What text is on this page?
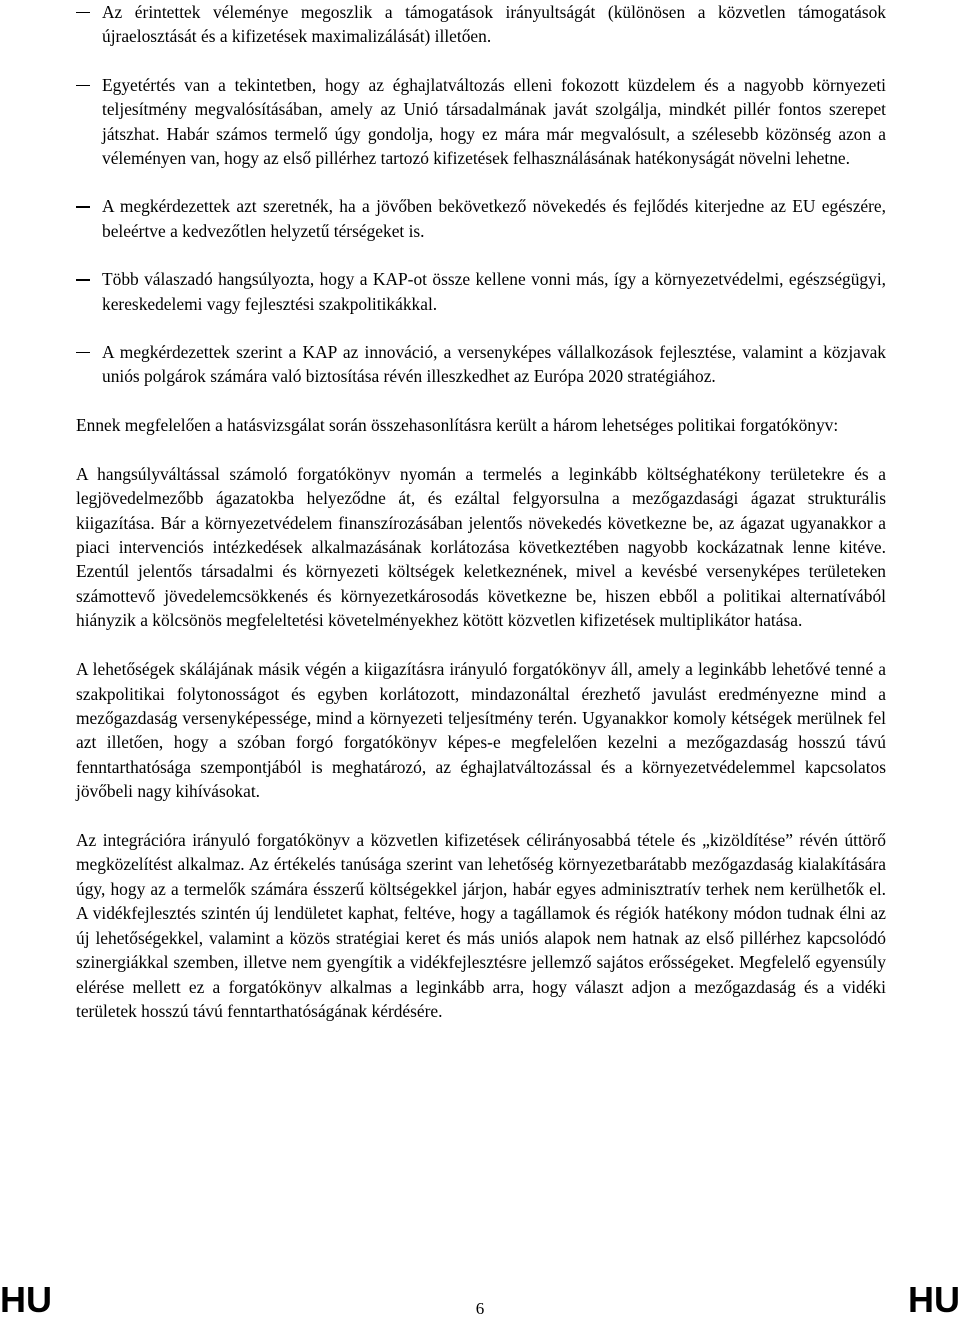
Az érintettek véleménye megoszlik a támogatások irányultságát (különösen a közvetlen támogatások újraelosztását és a kifizetések maximalizálását) illetően.
Egyetértés van a tekintetben, hogy az éghajlatváltozás elleni fokozott küzdelem és a nagyobb környezeti teljesítmény megvalósításában, amely az Unió társadalmának javát szolgálja, mindkét pillér fontos szerepet játszhat. Habár számos termelő úgy gondolja, hogy ez mára már megvalósult, a szélesebb közönség azon a véleményen van, hogy az első pillérhez tartozó kifizetések felhasználásának hatékonyságát növelni lehetne.
A megkérdezettek azt szeretnék, ha a jövőben bekövetkező növekedés és fejlődés kiterjedne az EU egészére, beleértve a kedvezőtlen helyzetű térségeket is.
Több válaszadó hangsúlyozta, hogy a KAP-ot össze kellene vonni más, így a környezetvédelmi, egészségügyi, kereskedelemi vagy fejlesztési szakpolitikákkal.
A megkérdezettek szerint a KAP az innováció, a versenyképes vállalkozások fejlesztése, valamint a közjavak uniós polgárok számára való biztosítása révén illeszkedhet az Európa 2020 stratégiához.

Ennek megfelelően a hatásvizsgálat során összehasonlításra került a három lehetséges politikai forgatókönyv:

A hangsúlyváltással számoló forgatókönyv nyomán a termelés a leginkább költséghatékony területekre és a legjövedelmezőbb ágazatokba helyeződne át, és ezáltal felgyorsulna a mezőgazdasági ágazat strukturális kiigazítása. Bár a környezetvédelem finanszírozásában jelentős növekedés következne be, az ágazat ugyanakkor a piaci intervenciós intézkedések alkalmazásának korlátozása következtében nagyobb kockázatnak lenne kitéve. Ezentúl jelentős társadalmi és környezeti költségek keletkeznének, mivel a kevésbé versenyképes területeken számottevő jövedelemcsökkenés és környezetkárosodás következne be, hiszen ebből a politikai alternatívából hiányzik a kölcsönös megfeleltetési követelményekhez kötött közvetlen kifizetések multiplikátor hatása.

A lehetőségek skálájának másik végén a kiigazításra irányuló forgatókönyv áll, amely a leginkább lehetővé tenné a szakpolitikai folytonosságot és egyben korlátozott, mindazonáltal érezhető javulást eredményezne mind a mezőgazdaság versenyképessége, mind a környezeti teljesítmény terén. Ugyanakkor komoly kétségek merülnek fel azt illetően, hogy a szóban forgó forgatókönyv képes-e megfelelően kezelni a mezőgazdaság hosszú távú fenntarthatósága szempontjából is meghatározó, az éghajlatváltozással és a környezetvédelemmel kapcsolatos jövőbeli nagy kihívásokat.

Az integrációra irányuló forgatókönyv a közvetlen kifizetések célirányosabbá tétele és „kizöldítése” révén úttörő megközelítést alkalmaz. Az értékelés tanúsága szerint van lehetőség környezetbarátabb mezőgazdaság kialakítására úgy, hogy az a termelők számára ésszerű költségekkel járjon, habár egyes adminisztratív terhek nem kerülhetők el. A vidékfejlesztés szintén új lendületet kaphat, feltéve, hogy a tagállamok és régiók hatékony módon tudnak élni az új lehetőségekkel, valamint a közös stratégiai keret és más uniós alapok nem hatnak az első pillérhez kapcsolódó szinergiákkal szemben, illetve nem gyengítik a vidékfejlesztésre jellemző sajátos erősségeket. Megfelelő egyensúly elérése mellett ez a forgatókönyv alkalmas a leginkább arra, hogy választ adjon a mezőgazdaság és a vidéki területek hosszú távú fenntarthatóságának kérdésére.

HU	6	HU
